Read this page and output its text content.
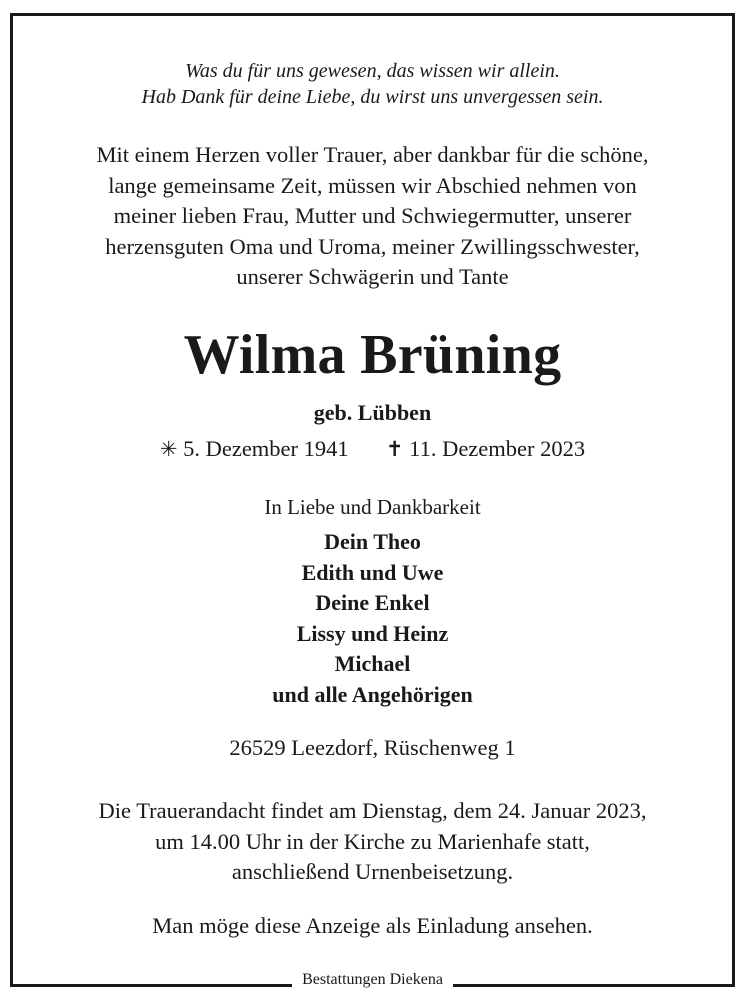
Was du für uns gewesen, das wissen wir allein.
Hab Dank für deine Liebe, du wirst uns unvergessen sein.
Mit einem Herzen voller Trauer, aber dankbar für die schöne,
lange gemeinsame Zeit, müssen wir Abschied nehmen von
meiner lieben Frau, Mutter und Schwiegermutter, unserer
herzensguten Oma und Uroma, meiner Zwillingsschwester,
unserer Schwägerin und Tante
Wilma Brüning
geb. Lübben
✳ 5. Dezember 1941 ✝ 11. Dezember 2023
In Liebe und Dankbarkeit
Dein Theo
Edith und Uwe
Deine Enkel
Lissy und Heinz
Michael
und alle Angehörigen
26529 Leezdorf, Rüschenweg 1
Die Trauerandacht findet am Dienstag, dem 24. Januar 2023,
um 14.00 Uhr in der Kirche zu Marienhafe statt,
anschließend Urnenbeisetzung.
Man möge diese Anzeige als Einladung ansehen.
Bestattungen Diekena
